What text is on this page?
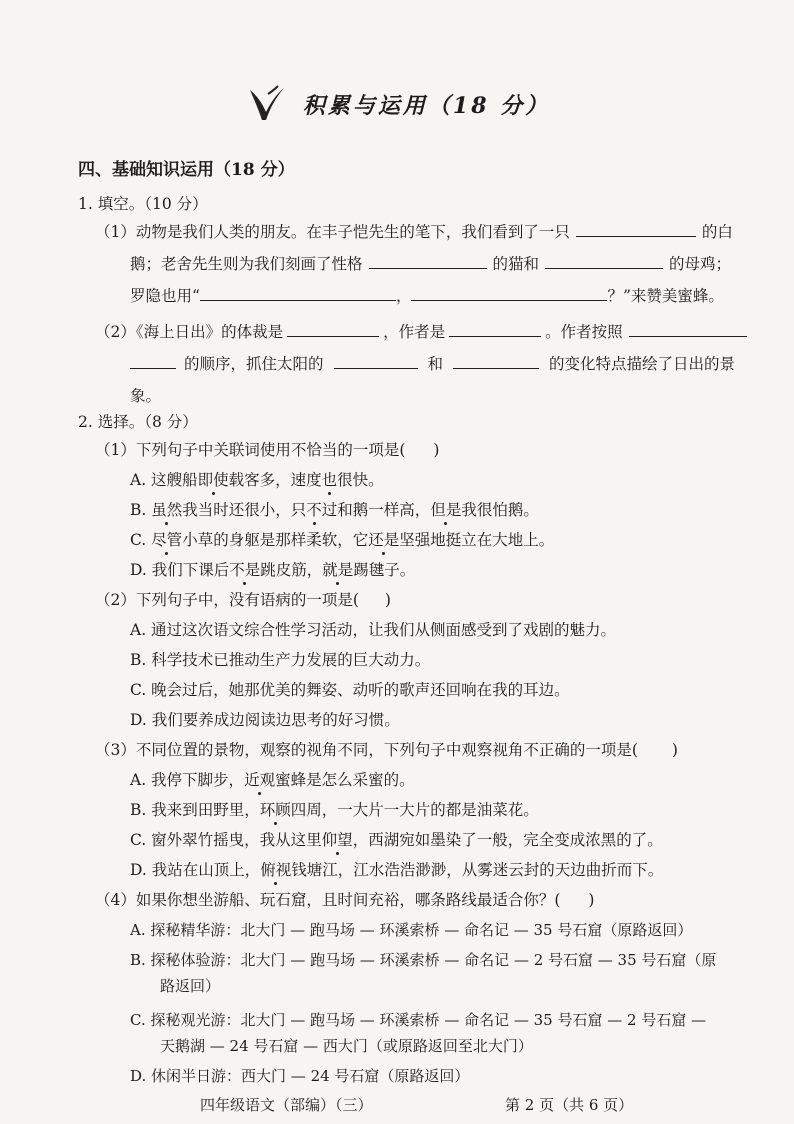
积累与运用（18 分）
四、基础知识运用（18 分）
1. 填空。（10 分）
（1）动物是我们人类的朋友。在丰子恺先生的笔下，我们看到了一只	的白
鹅；老舍先生则为我们刻画了性格	的猫和	的母鸡；
罗隐也用“	，	？”来赞美蜜蜂。
（2）《海上日出》的体裁是	，作者是	。作者按照
的顺序，抓住太阳的	和	的变化特点描绘了日出的景
象。
2. 选择。（8 分）
（1）下列句子中关联词使用不恰当的一项是( )
A. 这艘船即使载客多，速度也很快。
B. 虽然我当时还很小，只不过和鹅一样高，但是我很怕鹅。
C. 尽管小草的身躯是那样柔软，它还是坚强地挺立在大地上。
D. 我们下课后不是跳皮筋，就是踢毽子。
（2）下列句子中，没有语病的一项是( )
A. 通过这次语文综合性学习活动，让我们从侧面感受到了戏剧的魅力。
B. 科学技术已推动生产力发展的巨大动力。
C. 晚会过后，她那优美的舞姿、动听的歌声还回响在我的耳边。
D. 我们要养成边阅读边思考的好习惯。
（3）不同位置的景物，观察的视角不同，下列句子中观察视角不正确的一项是( )
A. 我停下脚步，近观蜜蜂是怎么采蜜的。
B. 我来到田野里，环顾四周，一大片一大片的都是油菜花。
C. 窗外翠竹摇曳，我从这里仰望，西湖宛如墨染了一般，完全变成浓黑的了。
D. 我站在山顶上，俯视钱塘江，江水浩浩渺渺，从雾迷云封的天边曲折而下。
（4）如果你想坐游船、玩石窟，且时间充裕，哪条路线最适合你？( )
A. 探秘精华游：北大门 — 跑马场 — 环溪索桥 — 命名记 — 35 号石窟（原路返回）
B. 探秘体验游：北大门 — 跑马场 — 环溪索桥 — 命名记 — 2 号石窟 — 35 号石窟（原
路返回）
C. 探秘观光游：北大门 — 跑马场 — 环溪索桥 — 命名记 — 35 号石窟 — 2 号石窟 —
天鹅湖 — 24 号石窟 — 西大门（或原路返回至北大门）
D. 休闲半日游：西大门 — 24 号石窟（原路返回）
四年级语文（部编）（三）	第 2 页（共 6 页）
